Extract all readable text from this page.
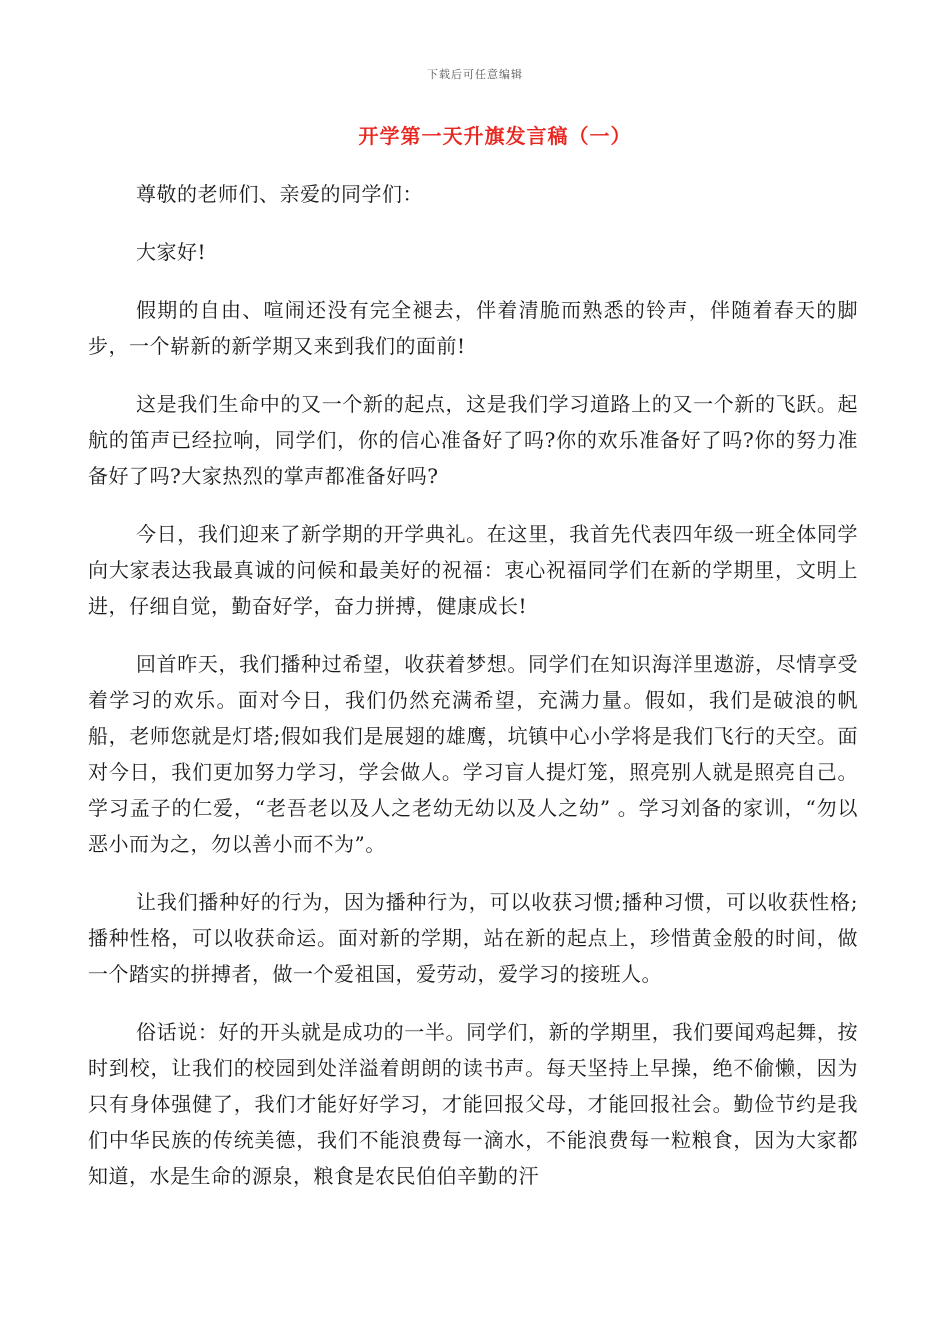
下载后可任意编辑
开学第一天升旗发言稿（一）

尊敬的老师们、亲爱的同学们：

大家好!

假期的自由、喧闹还没有完全褪去，伴着清脆而熟悉的铃声，伴随着春天的脚步，一个崭新的新学期又来到我们的面前!

这是我们生命中的又一个新的起点，这是我们学习道路上的又一个新的飞跃。起航的笛声已经拉响，同学们，你的信心准备好了吗?你的欢乐准备好了吗?你的努力准备好了吗?大家热烈的掌声都准备好吗?

今日，我们迎来了新学期的开学典礼。在这里，我首先代表四年级一班全体同学向大家表达我最真诚的问候和最美好的祝福：衷心祝福同学们在新的学期里，文明上进，仔细自觉，勤奋好学，奋力拼搏，健康成长!

回首昨天，我们播种过希望，收获着梦想。同学们在知识海洋里遨游，尽情享受着学习的欢乐。面对今日，我们仍然充满希望，充满力量。假如，我们是破浪的帆船，老师您就是灯塔;假如我们是展翅的雄鹰，坑镇中心小学将是我们飞行的天空。面对今日，我们更加努力学习，学会做人。学习盲人提灯笼，照亮别人就是照亮自己。学习孟子的仁爱，“老吾老以及人之老幼无幼以及人之幼” 。学习刘备的家训，“勿以恶小而为之，勿以善小而不为”。

让我们播种好的行为，因为播种行为，可以收获习惯;播种习惯，可以收获性格;播种性格，可以收获命运。面对新的学期，站在新的起点上，珍惜黄金般的时间，做一个踏实的拼搏者，做一个爱祖国，爱劳动，爱学习的接班人。

俗话说：好的开头就是成功的一半。同学们，新的学期里，我们要闻鸡起舞，按时到校，让我们的校园到处洋溢着朗朗的读书声。每天坚持上早操，绝不偷懒，因为只有身体强健了，我们才能好好学习，才能回报父母，才能回报社会。勤俭节约是我们中华民族的传统美德，我们不能浪费每一滴水，不能浪费每一粒粮食，因为大家都知道，水是生命的源泉，粮食是农民伯伯辛勤的汗
